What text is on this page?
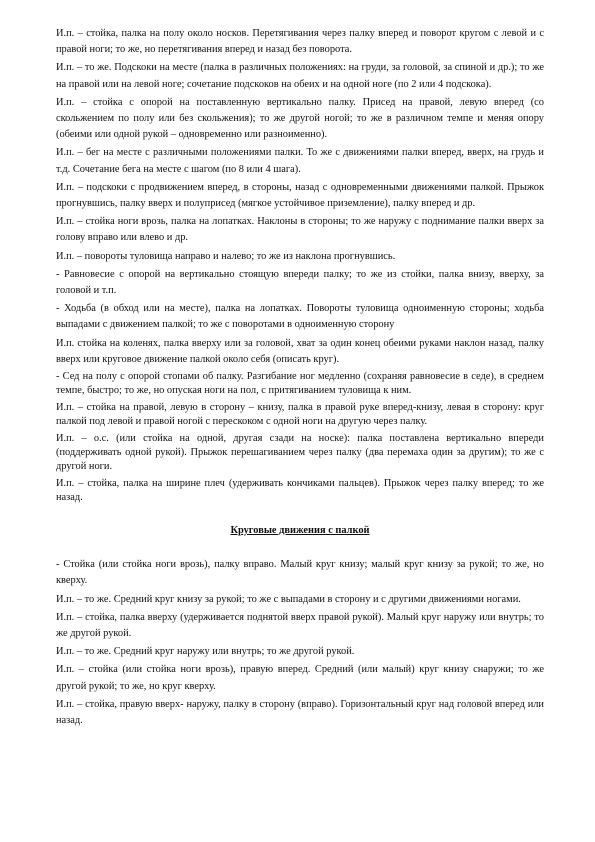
И.п. – стойка, палка на полу около носков. Перетягивания через палку вперед и поворот кругом с левой и с правой ноги; то же, но перетягивания вперед и назад без поворота.

И.п. – то же. Подскоки на месте (палка в различных положениях: на груди, за головой, за спиной и др.); то же на правой или на левой ноге; сочетание подскоков на обеих и на одной ноге (по 2 или 4 подскока).

И.п. – стойка с опорой на поставленную вертикально палку. Присед на правой, левую вперед (со скольжением по полу или без скольжения); то же другой ногой; то же в различном темпе и меняя опору (обеими или одной рукой – одновременно или разноименно).

И.п. – бег на месте с различными положениями палки. То же с движениями палки вперед, вверх, на грудь и т.д. Сочетание бега на месте с шагом (по 8 или 4 шага).

И.п. – подскоки с продвижением вперед, в стороны, назад с одновременными движениями палкой. Прыжок прогнувшись, палку вверх и полуприсед (мягкое устойчивое приземление), палку вперед и др.

И.п. – стойка ноги врозь, палка на лопатках. Наклоны в стороны; то же наружу с поднимание палки вверх за голову вправо или влево и др.

И.п. – повороты туловища направо и налево; то же из наклона прогнувшись.

- Равновесие с опорой на вертикально стоящую впереди палку; то же из стойки, палка внизу, вверху, за головой и т.п.

- Ходьба (в обход или на месте), палка на лопатках. Повороты туловища одноименную стороны; ходьба выпадами с движением палкой; то же с поворотами в одноименную сторону

И.п. стойка на коленях, палка вверху или за головой, хват за один конец обеими руками наклон назад, палку вверх или круговое движение палкой около себя (описать круг).

- Сед на полу с опорой стопами об палку. Разгибание ног медленно (сохраняя равновесие в седе), в среднем темпе, быстро; то же, но опуская ноги на пол, с притягиванием туловища к ним.

И.п. – стойка на правой, левую в сторону – книзу, палка в правой руке вперед-книзу, левая в сторону: круг палкой под левой и правой ногой с перескоком с одной ноги на другую через палку.

И.п. – о.с. (или стойка на одной, другая сзади на носке): палка поставлена вертикально впереди (поддерживать одной рукой). Прыжок перешагиванием через палку (два перемаха один за другим); то же с другой ноги.

И.п. – стойка, палка на ширине плеч (удерживать кончиками пальцев). Прыжок через палку вперед; то же назад.

Круговые движения с палкой

- Стойка (или стойка ноги врозь), палку вправо. Малый круг книзу; малый круг книзу за рукой; то же, но кверху.

И.п. – то же. Средний круг книзу за рукой; то же с выпадами в сторону и с другими движениями ногами.

И.п. – стойка, палка вверху (удерживается поднятой вверх правой рукой). Малый круг наружу или внутрь; то же другой рукой.

И.п. – то же. Средний круг наружу или внутрь; то же другой рукой.

И.п. – стойка (или стойка ноги врозь), правую вперед. Средний (или малый) круг книзу снаружи; то же другой рукой; то же, но круг кверху.

И.п. – стойка, правую вверх- наружу, палку в сторону (вправо). Горизонтальный круг над головой вперед или назад.
